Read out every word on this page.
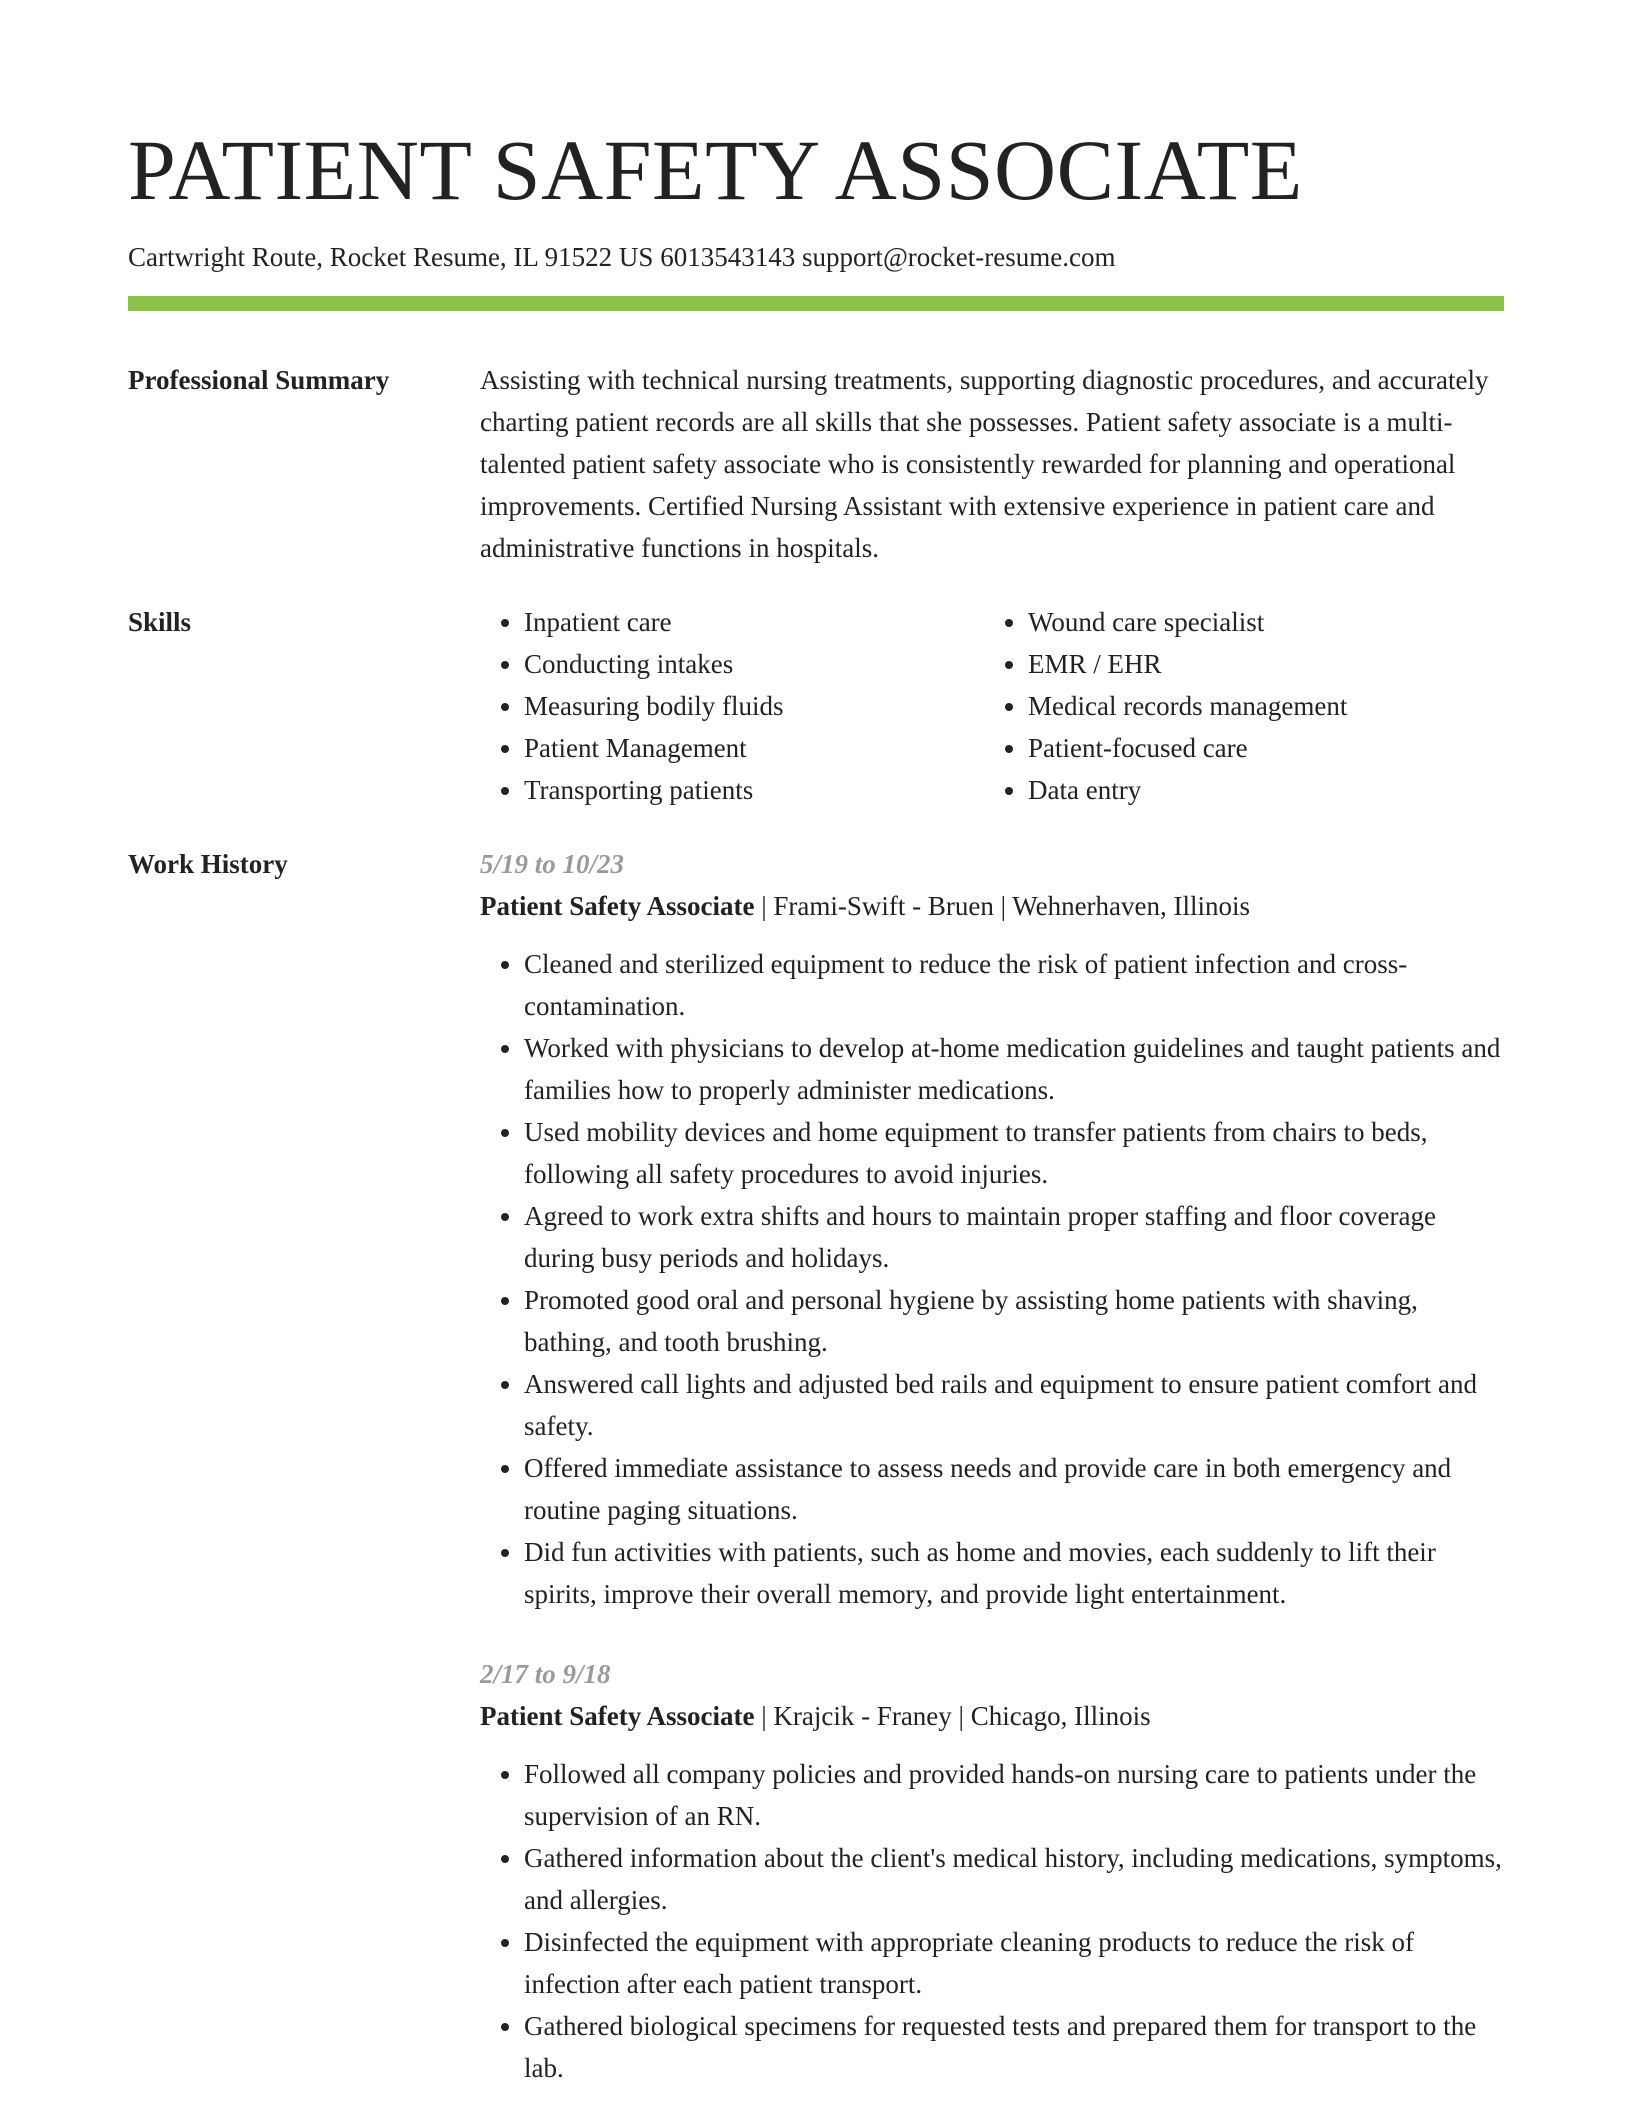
PATIENT SAFETY ASSOCIATE
Cartwright Route, Rocket Resume, IL 91522 US 6013543143 support@rocket-resume.com
Professional Summary	Assisting with technical nursing treatments, supporting diagnostic procedures, and accurately charting patient records are all skills that she possesses. Patient safety associate is a multi-talented patient safety associate who is consistently rewarded for planning and operational improvements. Certified Nursing Assistant with extensive experience in patient care and administrative functions in hospitals.
Skills
•	Inpatient care
• Conducting intakes
• Measuring bodily fluids
• Patient Management
• Transporting patients
• Wound care specialist
• EMR / EHR
• Medical records management
• Patient-focused care
• Data entry
Work History	5/19 to 10/23
Patient Safety Associate | Frami-Swift - Bruen | Wehnerhaven, Illinois
• Cleaned and sterilized equipment to reduce the risk of patient infection and cross-contamination.
• Worked with physicians to develop at-home medication guidelines and taught patients and families how to properly administer medications.
• Used mobility devices and home equipment to transfer patients from chairs to beds, following all safety procedures to avoid injuries.
• Agreed to work extra shifts and hours to maintain proper staffing and floor coverage during busy periods and holidays.
• Promoted good oral and personal hygiene by assisting home patients with shaving, bathing, and tooth brushing.
• Answered call lights and adjusted bed rails and equipment to ensure patient comfort and safety.
• Offered immediate assistance to assess needs and provide care in both emergency and routine paging situations.
• Did fun activities with patients, such as home and movies, each suddenly to lift their spirits, improve their overall memory, and provide light entertainment.
2/17 to 9/18
Patient Safety Associate | Krajcik - Franey | Chicago, Illinois
• Followed all company policies and provided hands-on nursing care to patients under the supervision of an RN.
• Gathered information about the client's medical history, including medications, symptoms, and allergies.
• Disinfected the equipment with appropriate cleaning products to reduce the risk of infection after each patient transport.
• Gathered biological specimens for requested tests and prepared them for transport to the lab.
